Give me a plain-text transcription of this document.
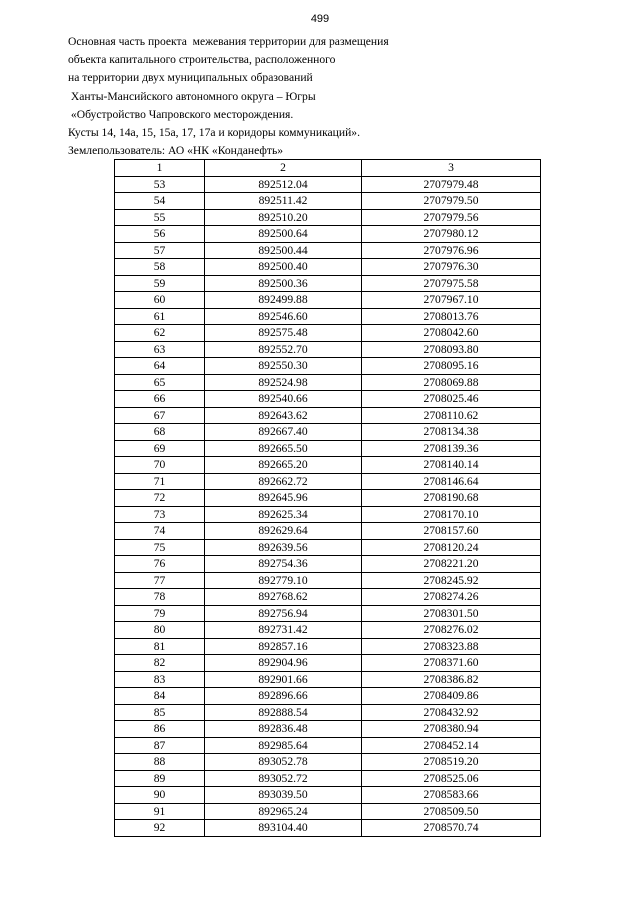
499
Основная часть проекта  межевания территории для размещения
объекта капитального строительства, расположенного
на территории двух муниципальных образований
Ханты-Мансийского автономного округа – Югры
«Обустройство Чапровского месторождения.
Кусты 14, 14а, 15, 15а, 17, 17а и коридоры коммуникаций».
Землепользователь: АО «НК «Конданефть»
1	2	3
53	892512.04	2707979.48
54	892511.42	2707979.50
55	892510.20	2707979.56
56	892500.64	2707980.12
57	892500.44	2707976.96
58	892500.40	2707976.30
59	892500.36	2707975.58
60	892499.88	2707967.10
61	892546.60	2708013.76
62	892575.48	2708042.60
63	892552.70	2708093.80
64	892550.30	2708095.16
65	892524.98	2708069.88
66	892540.66	2708025.46
67	892643.62	2708110.62
68	892667.40	2708134.38
69	892665.50	2708139.36
70	892665.20	2708140.14
71	892662.72	2708146.64
72	892645.96	2708190.68
73	892625.34	2708170.10
74	892629.64	2708157.60
75	892639.56	2708120.24
76	892754.36	2708221.20
77	892779.10	2708245.92
78	892768.62	2708274.26
79	892756.94	2708301.50
80	892731.42	2708276.02
81	892857.16	2708323.88
82	892904.96	2708371.60
83	892901.66	2708386.82
84	892896.66	2708409.86
85	892888.54	2708432.92
86	892836.48	2708380.94
87	892985.64	2708452.14
88	893052.78	2708519.20
89	893052.72	2708525.06
90	893039.50	2708583.66
91	892965.24	2708509.50
92	893104.40	2708570.74
